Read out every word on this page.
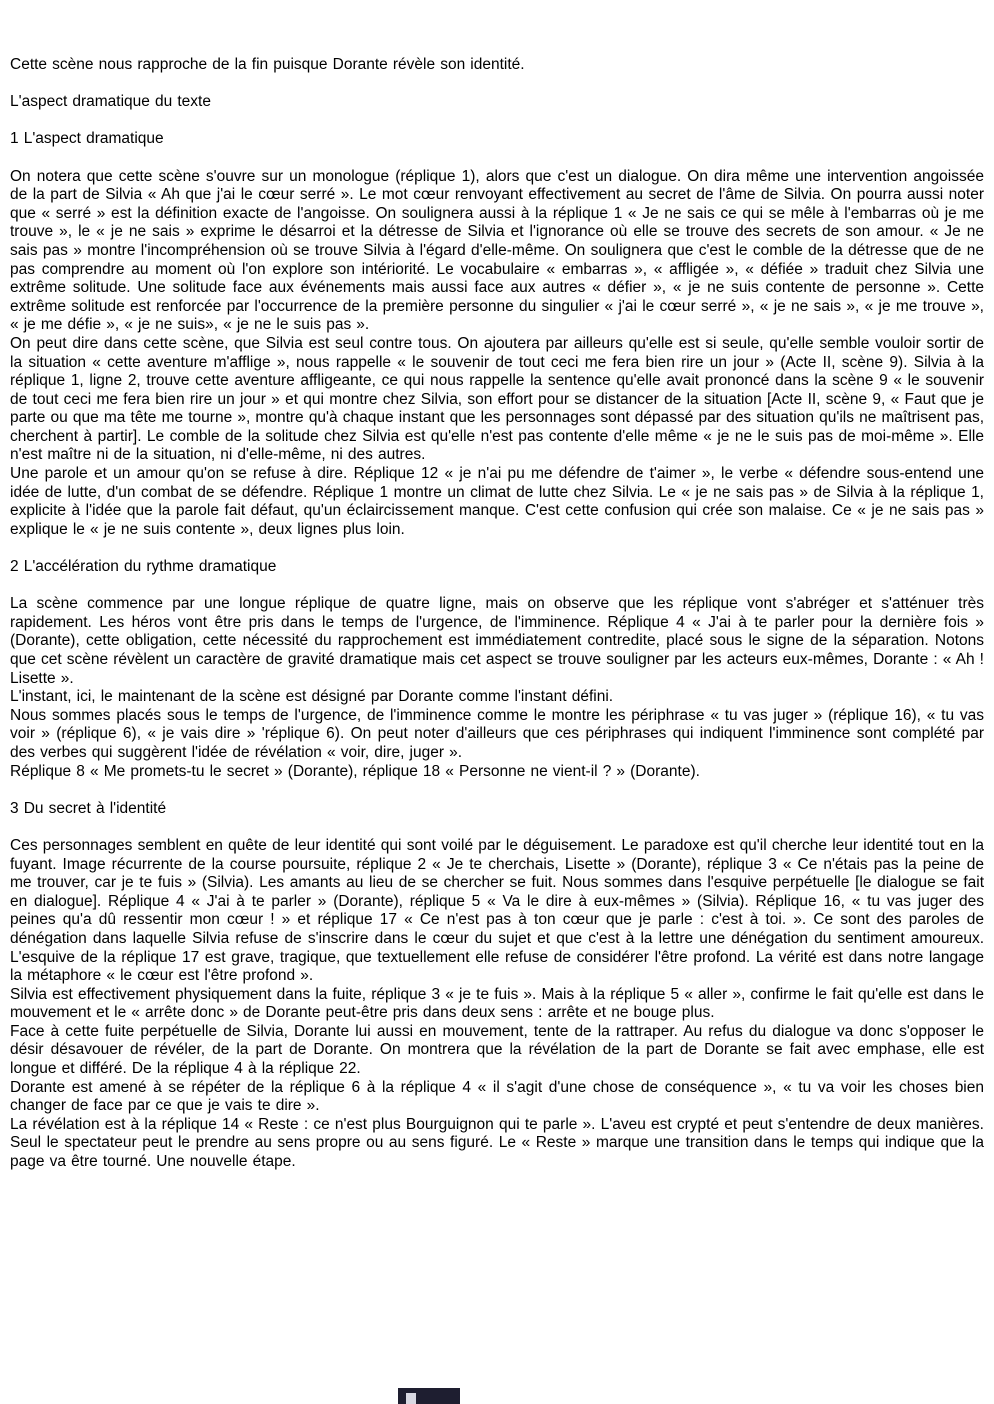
Cette scène nous rapproche de la fin puisque Dorante révèle son identité.

L'aspect dramatique du texte

1 L'aspect dramatique

On notera que cette scène s'ouvre sur un monologue (réplique 1), alors que c'est un dialogue. On dira même une intervention angoissée de la part de Silvia « Ah que j'ai le cœur serré ». Le mot cœur renvoyant effectivement au secret de l'âme de Silvia. On pourra aussi noter que « serré » est la définition exacte de l'angoisse. On soulignera aussi à la réplique 1 « Je ne sais ce qui se mêle à l'embarras où je me trouve », le « je ne sais » exprime le désarroi et la détresse de Silvia et l'ignorance où elle se trouve des secrets de son amour. « Je ne sais pas » montre l'incompréhension où se trouve Silvia à l'égard d'elle-même. On soulignera que c'est le comble de la détresse que de ne pas comprendre au moment où l'on explore son intériorité. Le vocabulaire « embarras », « affligée », « défiée » traduit chez Silvia une extrême solitude. Une solitude face aux événements mais aussi face aux autres « défier », « je ne suis contente de personne ». Cette extrême solitude est renforcée par l'occurrence de la première personne du singulier « j'ai le cœur serré », « je ne sais », « je me trouve », « je me défie », « je ne suis», « je ne le suis pas ».

On peut dire dans cette scène, que Silvia est seul contre tous. On ajoutera par ailleurs qu'elle est si seule, qu'elle semble vouloir sortir de la situation « cette aventure m'afflige », nous rappelle « le souvenir de tout ceci me fera bien rire un jour » (Acte II, scène 9). Silvia à la réplique 1, ligne 2, trouve cette aventure affligeante, ce qui nous rappelle la sentence qu'elle avait prononcé dans la scène 9 « le souvenir de tout ceci me fera bien rire un jour » et qui montre chez Silvia, son effort pour se distancer de la situation [Acte II, scène 9, « Faut que je parte ou que ma tête me tourne », montre qu'à chaque instant que les personnages sont dépassé par des situation qu'ils ne maîtrisent pas, cherchent à partir]. Le comble de la solitude chez Silvia est qu'elle n'est pas contente d'elle même « je ne le suis pas de moi-même ». Elle n'est maître ni de la situation, ni d'elle-même, ni des autres.

Une parole et un amour qu'on se refuse à dire. Réplique 12 « je n'ai pu me défendre de t'aimer », le verbe « défendre sous-entend une idée de lutte, d'un combat de se défendre. Réplique 1 montre un climat de lutte chez Silvia. Le « je ne sais pas » de Silvia à la réplique 1, explicite à l'idée que la parole fait défaut, qu'un éclaircissement manque. C'est cette confusion qui crée son malaise. Ce « je ne sais pas » explique le « je ne suis contente », deux lignes plus loin.

2 L'accélération du rythme dramatique

La scène commence par une longue réplique de quatre ligne, mais on observe que les réplique vont s'abréger et s'atténuer très rapidement. Les héros vont être pris dans le temps de l'urgence, de l'imminence. Réplique 4 « J'ai à te parler pour la dernière fois » (Dorante), cette obligation, cette nécessité du rapprochement est immédiatement contredite, placé sous le signe de la séparation. Notons que cet scène révèlent un caractère de gravité dramatique mais cet aspect se trouve souligner par les acteurs eux-mêmes, Dorante : « Ah ! Lisette ».

L'instant, ici, le maintenant de la scène est désigné par Dorante comme l'instant défini.

Nous sommes placés sous le temps de l'urgence, de l'imminence comme le montre les périphrase « tu vas juger » (réplique 16), « tu vas voir » (réplique 6), « je vais dire » 'réplique 6). On peut noter d'ailleurs que ces périphrases qui indiquent l'imminence sont complété par des verbes qui suggèrent l'idée de révélation « voir, dire, juger ».

Réplique 8 « Me promets-tu le secret » (Dorante), réplique 18 « Personne ne vient-il ? » (Dorante).

3 Du secret à l'identité

Ces personnages semblent en quête de leur identité qui sont voilé par le déguisement. Le paradoxe est qu'il cherche leur identité tout en la fuyant. Image récurrente de la course poursuite, réplique 2 « Je te cherchais, Lisette » (Dorante), réplique 3 « Ce n'étais pas la peine de me trouver, car je te fuis » (Silvia). Les amants au lieu de se chercher se fuit. Nous sommes dans l'esquive perpétuelle [le dialogue se fait en dialogue]. Réplique 4 « J'ai à te parler » (Dorante), réplique 5 « Va le dire à eux-mêmes » (Silvia). Réplique 16, « tu vas juger des peines qu'a dû ressentir mon cœur ! » et réplique 17 « Ce n'est pas à ton cœur que je parle : c'est à toi. ». Ce sont des paroles de dénégation dans laquelle Silvia refuse de s'inscrire dans le cœur du sujet et que c'est à la lettre une dénégation du sentiment amoureux. L'esquive de la réplique 17 est grave, tragique, que textuellement elle refuse de considérer l'être profond. La vérité est dans notre langage la métaphore « le cœur est l'être profond ».

Silvia est effectivement physiquement dans la fuite, réplique 3 « je te fuis ». Mais à la réplique 5 « aller », confirme le fait qu'elle est dans le mouvement et le « arrête donc » de Dorante peut-être pris dans deux sens : arrête et ne bouge plus.

Face à cette fuite perpétuelle de Silvia, Dorante lui aussi en mouvement, tente de la rattraper. Au refus du dialogue va donc s'opposer le désir désavouer de révéler, de la part de Dorante. On montrera que la révélation de la part de Dorante se fait avec emphase, elle est longue et différé. De la réplique 4 à la réplique 22.

Dorante est amené à se répéter de la réplique 6 à la réplique 4 « il s'agit d'une chose de conséquence », « tu va voir les choses bien changer de face par ce que je vais te dire ».

La révélation est à la réplique 14 « Reste : ce n'est plus Bourguignon qui te parle ». L'aveu est crypté et peut s'entendre de deux manières. Seul le spectateur peut le prendre au sens propre ou au sens figuré. Le « Reste » marque une transition dans le temps qui indique que la page va être tourné. Une nouvelle étape.
